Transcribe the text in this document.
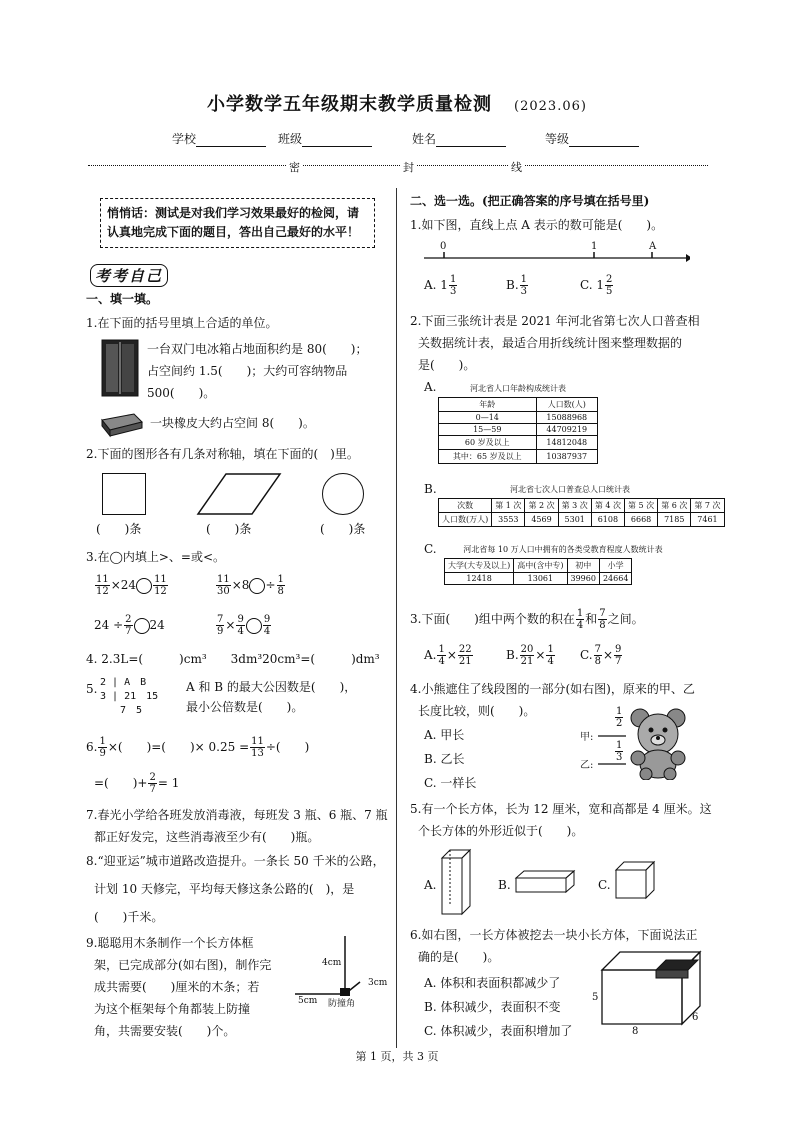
小学数学五年级期末教学质量检测 (2023.06)
学校	班级	姓名	等级
密	封	线
悄悄话：测试是对我们学习效果最好的检阅，请
认真地完成下面的题目，答出自己最好的水平！
考考自己
一、填一填。
1.在下面的括号里填上合适的单位。
一台双门电冰箱占地面积约是 80(　　)；
占空间约 1.5(　　)；大约可容纳物品
500(　　)。
一块橡皮大约占空间 8(　　)。
2.下面的图形各有几条对称轴，填在下面的(　)里。
(　　)条	(　　)条	(　　)条
3.在◯内填上>、=或<。
$\frac{11}{12} \times 24 \frac{11}{12}$	$\frac{11}{30} \times 8 \div \frac{1}{8}$
$24 \div \frac{2}{7} 24$	$\frac{7}{9} \times \frac{9}{4} \frac{9}{4}$
4. 2.3L=(　　　)cm³　　3dm³20cm³=(　　　)dm³
5. 2 | A　B
3 | 21　15
　　7　5
A 和 B 的最大公因数是(　　)，
最小公倍数是(　　)。
6. $\frac{1}{9}$ ×(　　)=(　　)× $0.25 = \frac{11}{13}$ ÷(　　)
=(　　)+ $\frac{2}{7} = 1$
7.春光小学给各班发放消毒液，每班发 3 瓶、6 瓶、7 瓶
都正好发完，这些消毒液至少有(　　)瓶。
8.“迎亚运”城市道路改造提升。一条长 50 千米的公路，
计划 10 天修完，平均每天修这条公路的(　)，是
(　　)千米。
9.聪聪用木条制作一个长方体框
架，已完成部分(如右图)，制作完
成共需要(　　)厘米的木条；若
为这个框架每个角都装上防撞
角，共需要安装(　　)个。
4cm
3cm
5cm 防撞角
二、选一选。(把正确答案的序号填在括号里)
1.如下图，直线上点 A 表示的数可能是(　　)。
0	1	A
A. $1 \frac{1}{3}$	B. $\frac{1}{3}$	C. $1 \frac{2}{5}$
2.下面三张统计表是 2021 年河北省第七次人口普查相
关数据统计表，最适合用折线统计图来整理数据的
是(　　)。
A.	河北省人口年龄构成统计表
年龄	人口数(人)
0—14	15088968
15—59	44709219
60 岁及以上	14812048
其中：65 岁及以上	10387937
B.	河北省七次人口普查总人口统计表
次数	第 1 次	第 2 次	第 3 次	第 4 次	第 5 次	第 6 次	第 7 次
人口数(万人)	3553	4569	5301	6108	6668	7185	7461
C.	河北省每 10 万人口中拥有的各类受教育程度人数统计表
大学(大专及以上)	高中(含中专)	初中	小学
12418	13061	39960	24664
3.下面(　　)组中两个数的积在 $\frac{1}{4}$ 和 $\frac{7}{8}$ 之间。
A. $\frac{1}{4} \times \frac{22}{21}$	B. $\frac{20}{21} \times \frac{1}{4} C$. $\frac{7}{8} \times \frac{9}{7}$
4.小熊遮住了线段图的一部分(如右图)，原来的甲、乙
长度比较，则(　　)。
A. 甲长
B. 乙长
C. 一样长
甲:
乙:
$\frac{1}{2}$
$\frac{1}{3}$
5.有一个长方体，长为 12 厘米，宽和高都是 4 厘米。这
个长方体的外形近似于(　　)。
A.	B.	C.
6.如右图，一长方体被挖去一块小长方体，下面说法正
确的是(　　)。
A. 体积和表面积都减少了
B. 体积减少，表面积不变
C. 体积减少，表面积增加了
5
8
6
第 1 页，共 3 页
